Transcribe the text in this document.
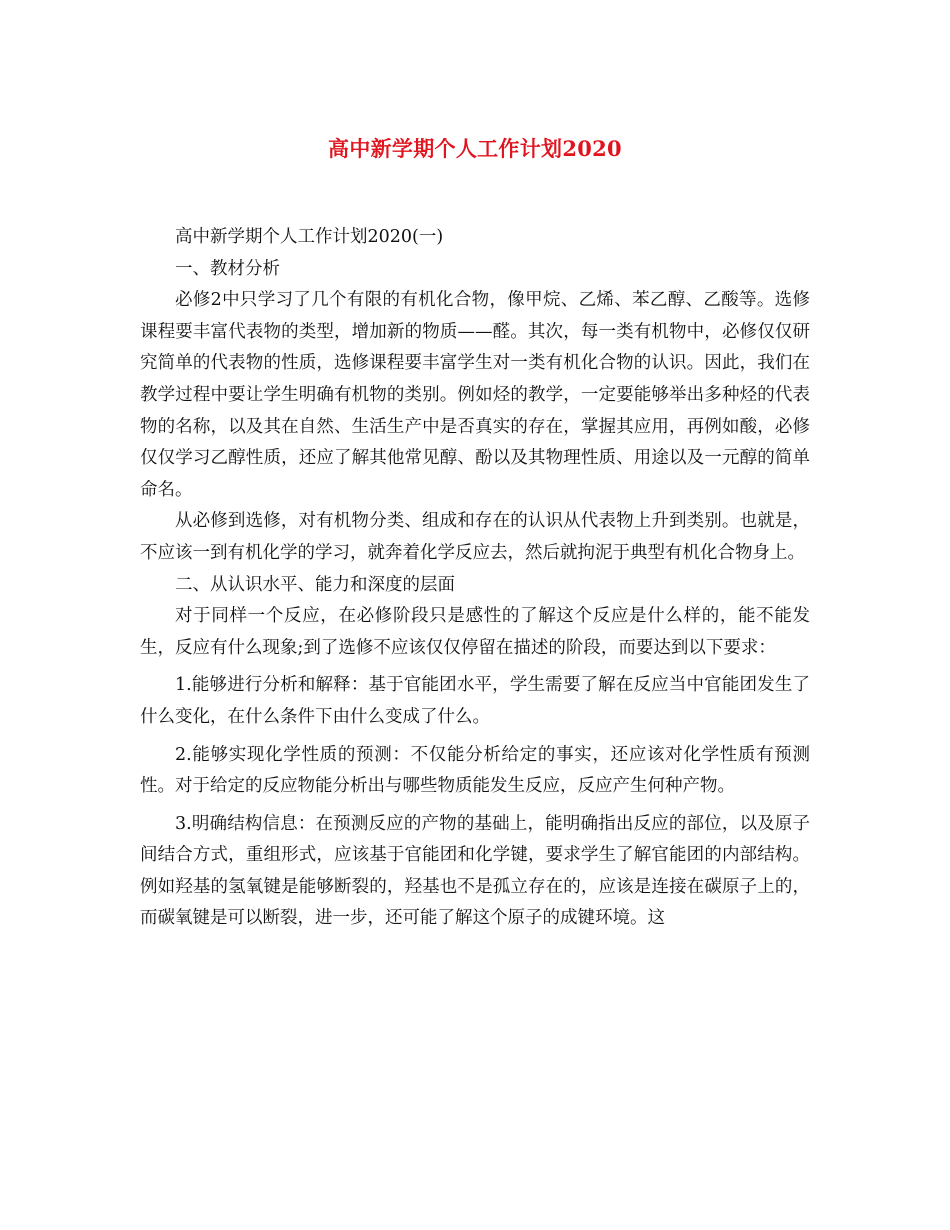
高中新学期个人工作计划2020

高中新学期个人工作计划2020(一)

一、教材分析

必修2中只学习了几个有限的有机化合物，像甲烷、乙烯、苯乙醇、乙酸等。选修课程要丰富代表物的类型，增加新的物质——醛。其次，每一类有机物中，必修仅仅研究简单的代表物的性质，选修课程要丰富学生对一类有机化合物的认识。因此，我们在教学过程中要让学生明确有机物的类别。例如烃的教学，一定要能够举出多种烃的代表物的名称，以及其在自然、生活生产中是否真实的存在，掌握其应用，再例如酸，必修仅仅学习乙醇性质，还应了解其他常见醇、酚以及其物理性质、用途以及一元醇的简单命名。

从必修到选修，对有机物分类、组成和存在的认识从代表物上升到类别。也就是，不应该一到有机化学的学习，就奔着化学反应去，然后就拘泥于典型有机化合物身上。

二、从认识水平、能力和深度的层面

对于同样一个反应，在必修阶段只是感性的了解这个反应是什么样的，能不能发生，反应有什么现象;到了选修不应该仅仅停留在描述的阶段，而要达到以下要求：

1.能够进行分析和解释：基于官能团水平，学生需要了解在反应当中官能团发生了什么变化，在什么条件下由什么变成了什么。

2.能够实现化学性质的预测：不仅能分析给定的事实，还应该对化学性质有预测性。对于给定的反应物能分析出与哪些物质能发生反应，反应产生何种产物。

3.明确结构信息：在预测反应的产物的基础上，能明确指出反应的部位，以及原子间结合方式，重组形式，应该基于官能团和化学键，要求学生了解官能团的内部结构。例如羟基的氢氧键是能够断裂的，羟基也不是孤立存在的，应该是连接在碳原子上的，而碳氧键是可以断裂，进一步，还可能了解这个原子的成键环境。这
